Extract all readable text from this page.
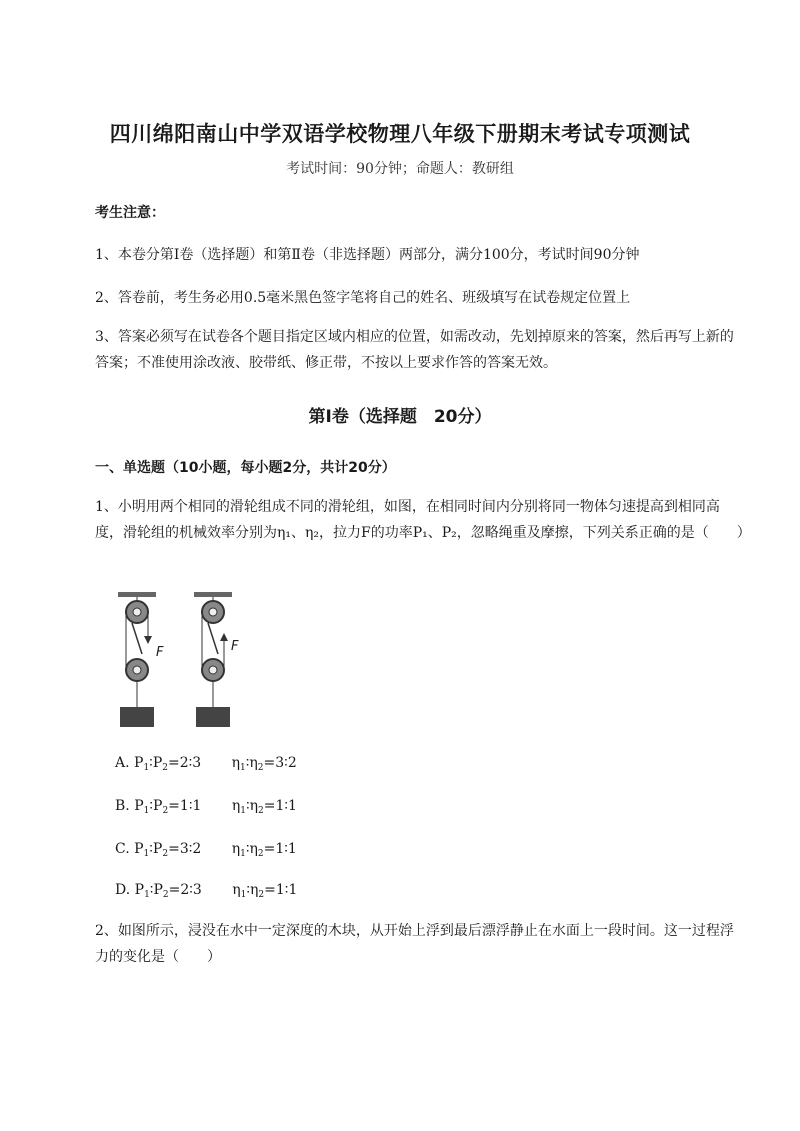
四川绵阳南山中学双语学校物理八年级下册期末考试专项测试
考试时间：90分钟；命题人：教研组
考生注意：
1、本卷分第I卷（选择题）和第Ⅱ卷（非选择题）两部分，满分100分，考试时间90分钟
2、答卷前，考生务必用0.5毫米黑色签字笔将自己的姓名、班级填写在试卷规定位置上
3、答案必须写在试卷各个题目指定区域内相应的位置，如需改动，先划掉原来的答案，然后再写上新的答案；不准使用涂改液、胶带纸、修正带，不按以上要求作答的答案无效。
第I卷（选择题　20分）
一、单选题（10小题，每小题2分，共计20分）
1、小明用两个相同的滑轮组成不同的滑轮组，如图，在相同时间内分别将同一物体匀速提高到相同高度，滑轮组的机械效率分别为η₁、η₂，拉力F的功率P₁、P₂，忽略绳重及摩擦，下列关系正确的是（　　）
F	F
A. $P_1∶P_2=2∶3$ $\eta_1∶\eta_2=3∶2$
B. $P_1∶P_2=1∶1$ $\eta_1∶\eta_2=1∶1$
C. $P_1∶P_2=3∶2$ $\eta_1∶\eta_2=1∶1$
D. $P_1∶P_2=2∶3$ $\eta_1∶\eta_2=1∶1$
2、如图所示，浸没在水中一定深度的木块，从开始上浮到最后漂浮静止在水面上一段时间。这一过程浮力的变化是（　　）
